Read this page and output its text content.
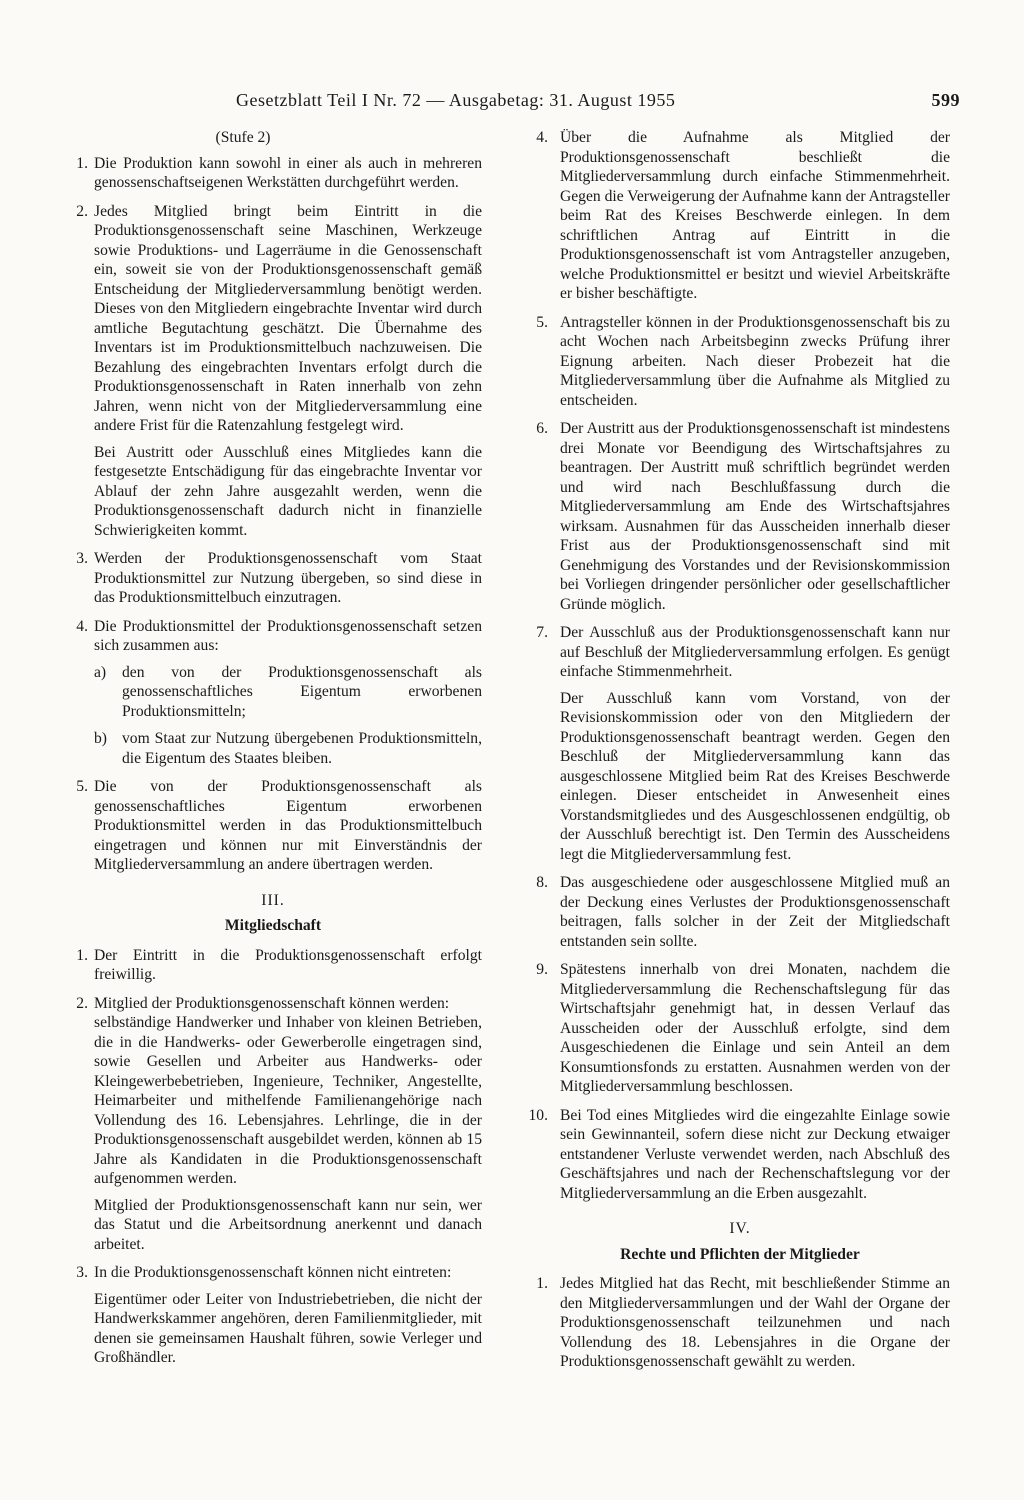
Gesetzblatt Teil I Nr. 72 — Ausgabetag: 31. August 1955	599
(Stufe 2)
1. Die Produktion kann sowohl in einer als auch in mehreren genossenschaftseigenen Werkstätten durchgeführt werden.

2. Jedes Mitglied bringt beim Eintritt in die Produktionsgenossenschaft seine Maschinen, Werkzeuge sowie Produktions- und Lagerräume in die Genossenschaft ein, soweit sie von der Produktionsgenossenschaft gemäß Entscheidung der Mitgliederversammlung benötigt werden. Dieses von den Mitgliedern eingebrachte Inventar wird durch amtliche Begutachtung geschätzt. Die Übernahme des Inventars ist im Produktionsmittelbuch nachzuweisen. Die Bezahlung des eingebrachten Inventars erfolgt durch die Produktionsgenossenschaft in Raten innerhalb von zehn Jahren, wenn nicht von der Mitgliederversammlung eine andere Frist für die Ratenzahlung festgelegt wird.

Bei Austritt oder Ausschluß eines Mitgliedes kann die festgesetzte Entschädigung für das eingebrachte Inventar vor Ablauf der zehn Jahre ausgezahlt werden, wenn die Produktionsgenossenschaft dadurch nicht in finanzielle Schwierigkeiten kommt.

3. Werden der Produktionsgenossenschaft vom Staat Produktionsmittel zur Nutzung übergeben, so sind diese in das Produktionsmittelbuch einzutragen.

4. Die Produktionsmittel der Produktionsgenossenschaft setzen sich zusammen aus:

a) den von der Produktionsgenossenschaft als genossenschaftliches Eigentum erworbenen Produktionsmitteln;
b) vom Staat zur Nutzung übergebenen Produktionsmitteln, die Eigentum des Staates bleiben.
5. Die von der Produktionsgenossenschaft als genossenschaftliches Eigentum erworbenen Produktionsmittel werden in das Produktionsmittelbuch eingetragen und können nur mit Einverständnis der Mitgliederversammlung an andere übertragen werden.

III.
Mitgliedschaft
1. Der Eintritt in die Produktionsgenossenschaft erfolgt freiwillig.

2. Mitglied der Produktionsgenossenschaft können werden:

selbständige Handwerker und Inhaber von kleinen Betrieben, die in die Handwerks- oder Gewerberolle eingetragen sind, sowie Gesellen und Arbeiter aus Handwerks- oder Kleingewerbebetrieben, Ingenieure, Techniker, Angestellte, Heimarbeiter und mithelfende Familienangehörige nach Vollendung des 16. Lebensjahres. Lehrlinge, die in der Produktionsgenossenschaft ausgebildet werden, können ab 15 Jahre als Kandidaten in die Produktionsgenossenschaft aufgenommen werden.

Mitglied der Produktionsgenossenschaft kann nur sein, wer das Statut und die Arbeitsordnung anerkennt und danach arbeitet.

3. In die Produktionsgenossenschaft können nicht eintreten:

Eigentümer oder Leiter von Industriebetrieben, die nicht der Handwerkskammer angehören, deren Familienmitglieder, mit denen sie gemeinsamen Haushalt führen, sowie Verleger und Großhändler.

4. Über die Aufnahme als Mitglied der Produktionsgenossenschaft beschließt die Mitgliederversammlung durch einfache Stimmenmehrheit. Gegen die Verweigerung der Aufnahme kann der Antragsteller beim Rat des Kreises Beschwerde einlegen. In dem schriftlichen Antrag auf Eintritt in die Produktionsgenossenschaft ist vom Antragsteller anzugeben, welche Produktionsmittel er besitzt und wieviel Arbeitskräfte er bisher beschäftigte.

5. Antragsteller können in der Produktionsgenossenschaft bis zu acht Wochen nach Arbeitsbeginn zwecks Prüfung ihrer Eignung arbeiten. Nach dieser Probezeit hat die Mitgliederversammlung über die Aufnahme als Mitglied zu entscheiden.

6. Der Austritt aus der Produktionsgenossenschaft ist mindestens drei Monate vor Beendigung des Wirtschaftsjahres zu beantragen. Der Austritt muß schriftlich begründet werden und wird nach Beschlußfassung durch die Mitgliederversammlung am Ende des Wirtschaftsjahres wirksam. Ausnahmen für das Ausscheiden innerhalb dieser Frist aus der Produktionsgenossenschaft sind mit Genehmigung des Vorstandes und der Revisionskommission bei Vorliegen dringender persönlicher oder gesellschaftlicher Gründe möglich.

7. Der Ausschluß aus der Produktionsgenossenschaft kann nur auf Beschluß der Mitgliederversammlung erfolgen. Es genügt einfache Stimmenmehrheit.

Der Ausschluß kann vom Vorstand, von der Revisionskommission oder von den Mitgliedern der Produktionsgenossenschaft beantragt werden. Gegen den Beschluß der Mitgliederversammlung kann das ausgeschlossene Mitglied beim Rat des Kreises Beschwerde einlegen. Dieser entscheidet in Anwesenheit eines Vorstandsmitgliedes und des Ausgeschlossenen endgültig, ob der Ausschluß berechtigt ist. Den Termin des Ausscheidens legt die Mitgliederversammlung fest.

8. Das ausgeschiedene oder ausgeschlossene Mitglied muß an der Deckung eines Verlustes der Produktionsgenossenschaft beitragen, falls solcher in der Zeit der Mitgliedschaft entstanden sein sollte.

9. Spätestens innerhalb von drei Monaten, nachdem die Mitgliederversammlung die Rechenschaftslegung für das Wirtschaftsjahr genehmigt hat, in dessen Verlauf das Ausscheiden oder der Ausschluß erfolgte, sind dem Ausgeschiedenen die Einlage und sein Anteil an dem Konsumtionsfonds zu erstatten. Ausnahmen werden von der Mitgliederversammlung beschlossen.

10. Bei Tod eines Mitgliedes wird die eingezahlte Einlage sowie sein Gewinnanteil, sofern diese nicht zur Deckung etwaiger entstandener Verluste verwendet werden, nach Abschluß des Geschäftsjahres und nach der Rechenschaftslegung vor der Mitgliederversammlung an die Erben ausgezahlt.

IV.
Rechte und Pflichten der Mitglieder
1. Jedes Mitglied hat das Recht, mit beschließender Stimme an den Mitgliederversammlungen und der Wahl der Organe der Produktionsgenossenschaft teilzunehmen und nach Vollendung des 18. Lebensjahres in die Organe der Produktionsgenossenschaft gewählt zu werden.
